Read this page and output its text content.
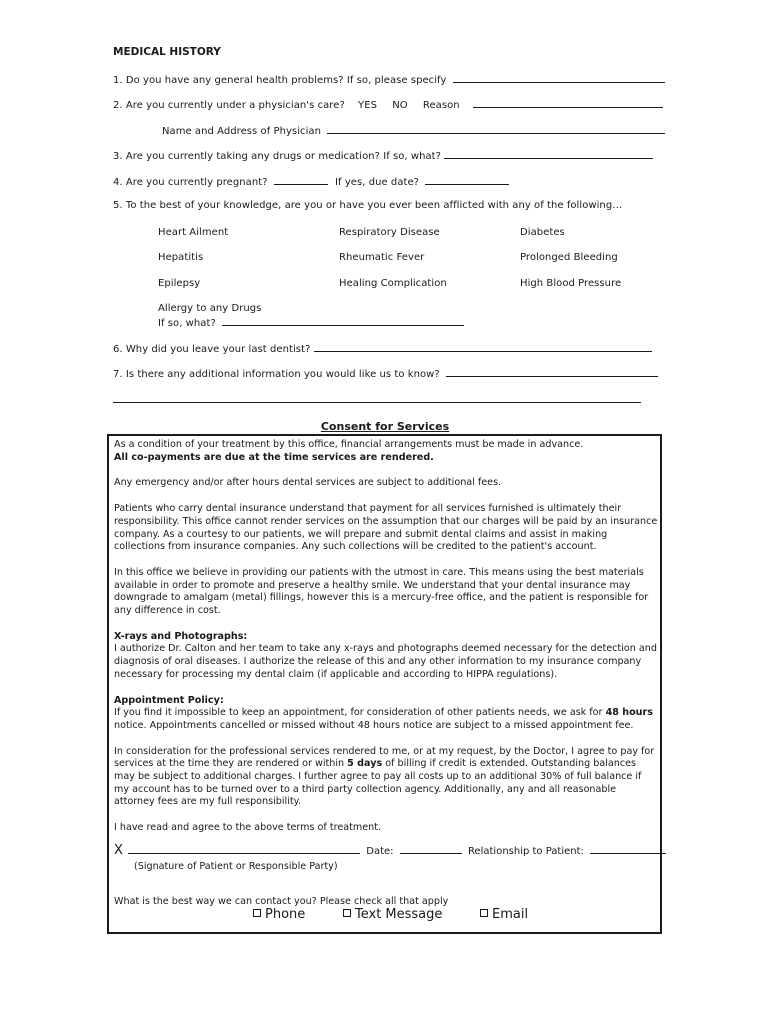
MEDICAL HISTORY
1. Do you have any general health problems? If so, please specify
2. Are you currently under a physician's care? YES NO Reason
Name and Address of Physician
3. Are you currently taking any drugs or medication? If so, what?
4. Are you currently pregnant?	If yes, due date?
5. To the best of your knowledge, are you or have you ever been afflicted with any of the following…
Heart Ailment	Respiratory Disease	Diabetes
Hepatitis	Rheumatic Fever	Prolonged Bleeding
Epilepsy	Healing Complication	High Blood Pressure
Allergy to any Drugs
If so, what?
6. Why did you leave your last dentist?
7. Is there any additional information you would like us to know?
Consent for Services

As a condition of your treatment by this office, financial arrangements must be made in advance.
All co-payments are due at the time services are rendered.

Any emergency and/or after hours dental services are subject to additional fees.

Patients who carry dental insurance understand that payment for all services furnished is ultimately their responsibility. This office cannot render services on the assumption that our charges will be paid by an insurance company. As a courtesy to our patients, we will prepare and submit dental claims and assist in making collections from insurance companies. Any such collections will be credited to the patient's account.

In this office we believe in providing our patients with the utmost in care. This means using the best materials available in order to promote and preserve a healthy smile. We understand that your dental insurance may downgrade to amalgam (metal) fillings, however this is a mercury-free office, and the patient is responsible for any difference in cost.

X-rays and Photographs:
I authorize Dr. Calton and her team to take any x-rays and photographs deemed necessary for the detection and diagnosis of oral diseases. I authorize the release of this and any other information to my insurance company necessary for processing my dental claim (if applicable and according to HIPPA regulations).

Appointment Policy:
If you find it impossible to keep an appointment, for consideration of other patients needs, we ask for 48 hours notice. Appointments cancelled or missed without 48 hours notice are subject to a missed appointment fee.

In consideration for the professional services rendered to me, or at my request, by the Doctor, I agree to pay for services at the time they are rendered or within 5 days of billing if credit is extended. Outstanding balances may be subject to additional charges. I further agree to pay all costs up to an additional 30% of full balance if my account has to be turned over to a third party collection agency. Additionally, any and all reasonable attorney fees are my full responsibility.

I have read and agree to the above terms of treatment.

X	Date:	Relationship to Patient:
(Signature of Patient or Responsible Party)
What is the best way we can contact you? Please check all that apply
Phone	Text Message	Email
